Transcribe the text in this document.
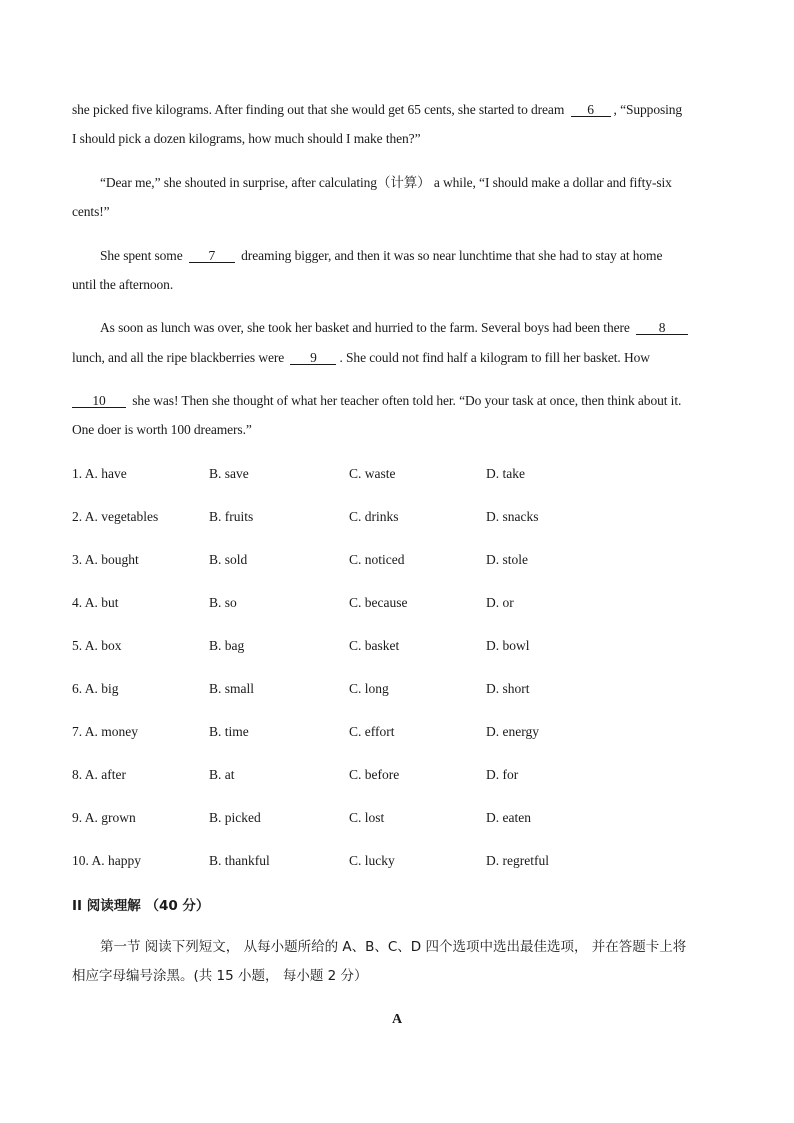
she picked five kilograms. After finding out that she would get 65 cents, she started to dream 6 , “Supposing
I should pick a dozen kilograms, how much should I make then?”
“Dear me,” she shouted in surprise, after calculating（计算） a while, “I should make a dollar and fifty-six
cents!”
She spent some 7 dreaming bigger, and then it was so near lunchtime that she had to stay at home
until the afternoon.
As soon as lunch was over, she took her basket and hurried to the farm. Several boys had been there 8
lunch, and all the ripe blackberries were 9 . She could not find half a kilogram to fill her basket. How
10 she was! Then she thought of what her teacher often told her. “Do your task at once, then think about it.
One doer is worth 100 dreamers.”
1. A. have	B. save	C. waste	D. take
2. A. vegetables	B. fruits	C. drinks	D. snacks
3. A. bought	B. sold	C. noticed	D. stole
4. A. but	B. so	C. because	D. or
5. A. box	B. bag	C. basket	D. bowl
6. A. big	B. small	C. long	D. short
7. A. money	B. time	C. effort	D. energy
8. A. after	B. at	C. before	D. for
9. A. grown	B. picked	C. lost	D. eaten
10. A. happy	B. thankful	C. lucky	D. regretful
II 阅读理解 （40 分）
第一节 阅读下列短文， 从每小题所给的 A、B、C、D 四个选项中选出最佳选项， 并在答题卡上将
相应字母编号涂黑。(共 15 小题， 每小题 2 分）
A
